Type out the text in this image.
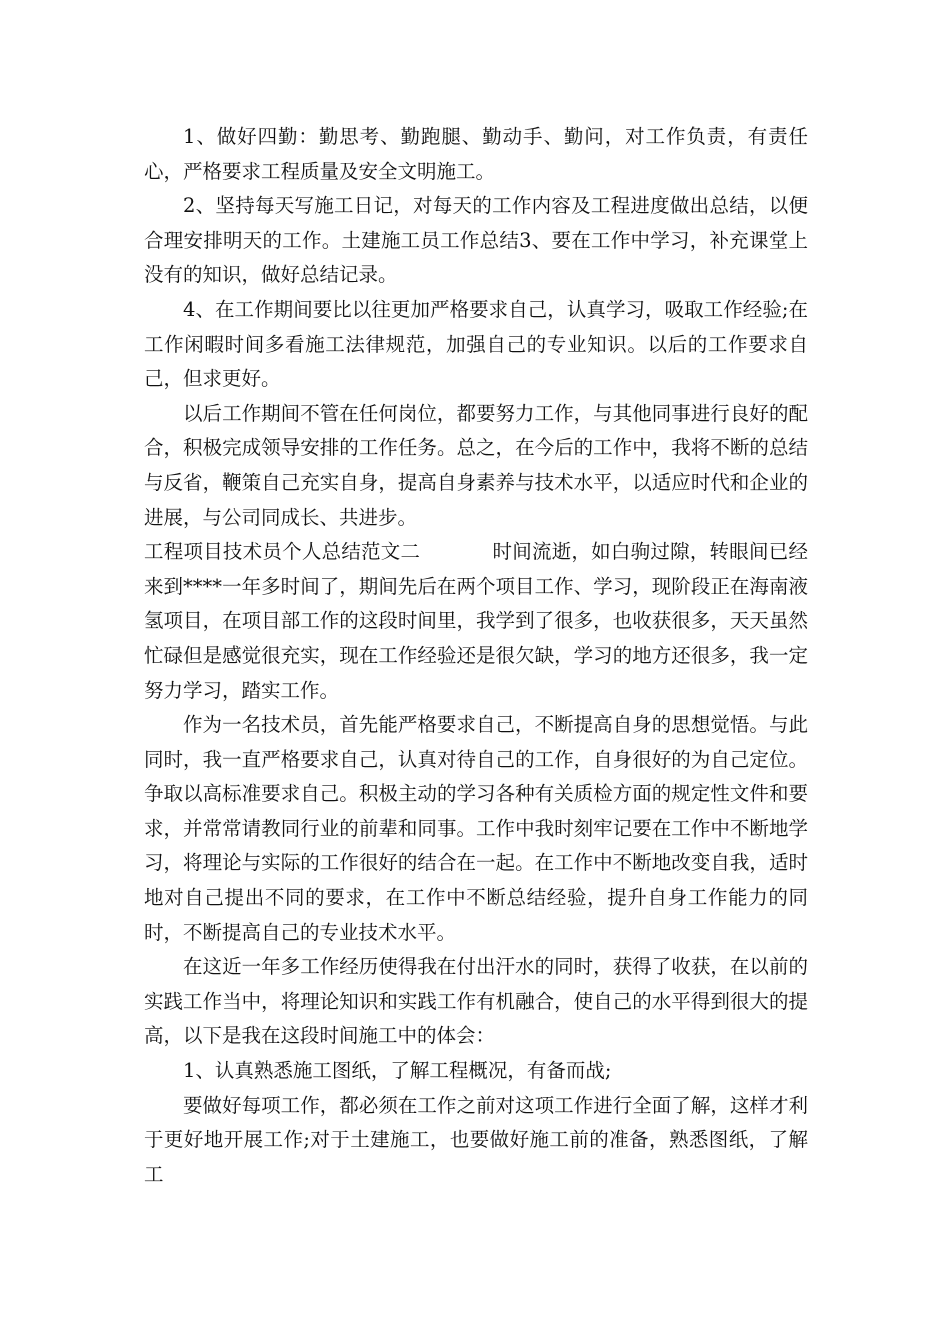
1、做好四勤：勤思考、勤跑腿、勤动手、勤问，对工作负责，有责任心，严格要求工程质量及安全文明施工。

2、坚持每天写施工日记，对每天的工作内容及工程进度做出总结，以便合理安排明天的工作。土建施工员工作总结3、要在工作中学习，补充课堂上没有的知识，做好总结记录。

4、在工作期间要比以往更加严格要求自己，认真学习，吸取工作经验;在工作闲暇时间多看施工法律规范，加强自己的专业知识。以后的工作要求自己，但求更好。

以后工作期间不管在任何岗位，都要努力工作，与其他同事进行良好的配合，积极完成领导安排的工作任务。总之，在今后的工作中，我将不断的总结与反省，鞭策自己充实自身，提高自身素养与技术水平，以适应时代和企业的进展，与公司同成长、共进步。

工程项目技术员个人总结范文二	时间流逝，如白驹过隙，转眼间已经来到****一年多时间了，期间先后在两个项目工作、学习，现阶段正在海南液氢项目，在项目部工作的这段时间里，我学到了很多，也收获很多，天天虽然忙碌但是感觉很充实，现在工作经验还是很欠缺，学习的地方还很多，我一定努力学习，踏实工作。

作为一名技术员，首先能严格要求自己，不断提高自身的思想觉悟。与此同时，我一直严格要求自己，认真对待自己的工作，自身很好的为自己定位。争取以高标准要求自己。积极主动的学习各种有关质检方面的规定性文件和要求，并常常请教同行业的前辈和同事。工作中我时刻牢记要在工作中不断地学习，将理论与实际的工作很好的结合在一起。在工作中不断地改变自我，适时地对自己提出不同的要求，在工作中不断总结经验，提升自身工作能力的同时，不断提高自己的专业技术水平。

在这近一年多工作经历使得我在付出汗水的同时，获得了收获，在以前的实践工作当中，将理论知识和实践工作有机融合，使自己的水平得到很大的提高，以下是我在这段时间施工中的体会：

1、认真熟悉施工图纸，了解工程概况，有备而战;

要做好每项工作，都必须在工作之前对这项工作进行全面了解，这样才利于更好地开展工作;对于土建施工，也要做好施工前的准备，熟悉图纸，了解工
